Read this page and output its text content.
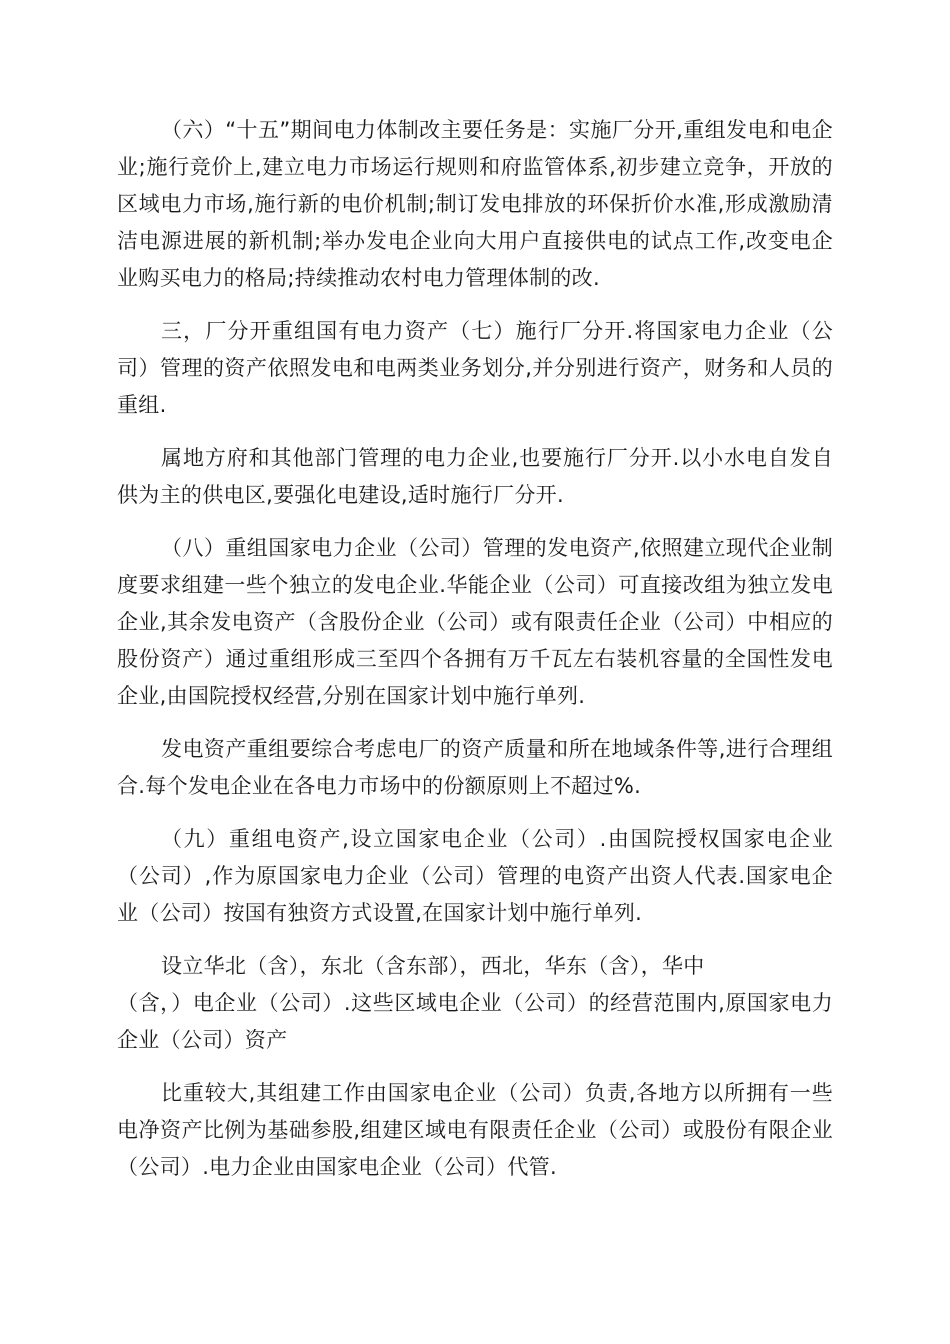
（六）“十五”期间电力体制改主要任务是：实施厂分开,重组发电和电企业;施行竞价上,建立电力市场运行规则和府监管体系,初步建立竞争，开放的区域电力市场,施行新的电价机制;制订发电排放的环保折价水准,形成激励清洁电源进展的新机制;举办发电企业向大用户直接供电的试点工作,改变电企业购买电力的格局;持续推动农村电力管理体制的改.

三，厂分开重组国有电力资产（七）施行厂分开.将国家电力企业（公司）管理的资产依照发电和电两类业务划分,并分别进行资产，财务和人员的重组.

属地方府和其他部门管理的电力企业,也要施行厂分开.以小水电自发自供为主的供电区,要强化电建设,适时施行厂分开.

（八）重组国家电力企业（公司）管理的发电资产,依照建立现代企业制度要求组建一些个独立的发电企业.华能企业（公司）可直接改组为独立发电企业,其余发电资产（含股份企业（公司）或有限责任企业（公司）中相应的股份资产）通过重组形成三至四个各拥有万千瓦左右装机容量的全国性发电企业,由国院授权经营,分别在国家计划中施行单列.

发电资产重组要综合考虑电厂的资产质量和所在地域条件等,进行合理组合.每个发电企业在各电力市场中的份额原则上不超过%.

（九）重组电资产,设立国家电企业（公司）.由国院授权国家电企业（公司）,作为原国家电力企业（公司）管理的电资产出资人代表.国家电企业（公司）按国有独资方式设置,在国家计划中施行单列.

设立华北（含），东北（含东部），西北，华东（含），华中
（含，）电企业（公司）.这些区域电企业（公司）的经营范围内,原国家电力企业（公司）资产

比重较大,其组建工作由国家电企业（公司）负责,各地方以所拥有一些电净资产比例为基础参股,组建区域电有限责任企业（公司）或股份有限企业（公司）.电力企业由国家电企业（公司）代管.
